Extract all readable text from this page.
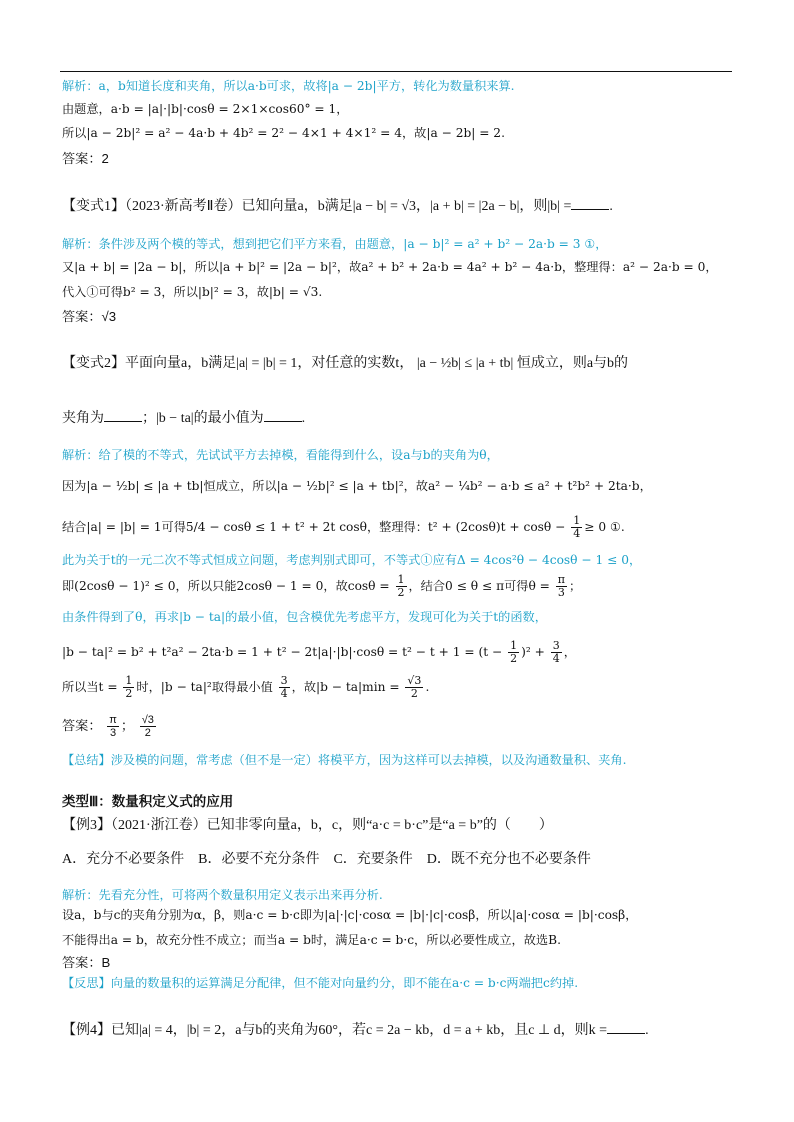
解析：a，b知道长度和夹角，所以a·b可求，故将|a − 2b|平方，转化为数量积来算.
由题意，a·b = |a|·|b|·cosθ = 2×1×cos60° = 1，
所以|a − 2b|² = a² − 4a·b + 4b² = 2² − 4×1 + 4×1² = 4，故|a − 2b| = 2.
答案：2
【变式1】（2023·新高考Ⅱ卷）已知向量a，b满足|a − b| = √3，|a + b| = |2a − b|，则|b| =	.
解析：条件涉及两个模的等式，想到把它们平方来看，由题意，|a − b|² = a² + b² − 2a·b = 3 ①，
又|a + b| = |2a − b|，所以|a + b|² = |2a − b|²，故a² + b² + 2a·b = 4a² + b² − 4a·b，整理得：a² − 2a·b = 0，
代入①可得b² = 3，所以|b|² = 3，故|b| = √3.
答案：√3
【变式2】平面向量a，b满足|a| = |b| = 1，对任意的实数t， |a − ½b| ≤ |a + tb| 恒成立，则a与b的
夹角为	；|b − ta|的最小值为	.
解析：给了模的不等式，先试试平方去掉模，看能得到什么，设a与b的夹角为θ，
因为|a − ½b| ≤ |a + tb|恒成立，所以|a − ½b|² ≤ |a + tb|²，故a² − ¼b² − a·b ≤ a² + t²b² + 2ta·b，
结合|a| = |b| = 1可得5/4 − cosθ ≤ 1 + t² + 2t cosθ，整理得：$t^2 + (2\cos\theta)t + \cos\theta - \frac{1}{4} \ge 0$ ①.
此为关于t的一元二次不等式恒成立问题，考虑判别式即可，不等式①应有Δ = 4cos²θ − 4cosθ − 1 ≤ 0，
即(2cosθ − 1)² ≤ 0，所以只能2cosθ − 1 = 0，故$\cos\theta = \frac{1}{2}$ ，结合0 ≤ θ ≤ π可得$\theta = \frac{\pi}{3}$ ；
由条件得到了θ，再求|b − ta|的最小值，包含模优先考虑平方，发现可化为关于t的函数，
$|b - ta|^2 = b^2 + t^2a^2 - 2ta\cdot b = 1 + t^2 - 2t|a|\cdot|b|\cdot\cos\theta = t^2 - t + 1 = (t - \frac{1}{2} )^2 + \frac{3}{4}$ ，
所以当$t = \frac{1}{2}$ 时，|b − ta|²取得最小值 $\frac{3}{4}$ ，故$|b - ta|\min = \frac{√3}{2}$ .
答案： $\frac{\pi}{3}$ ； $\frac{√3}{2}$
【总结】涉及模的问题，常考虑（但不是一定）将模平方，因为这样可以去掉模，以及沟通数量积、夹角.
类型Ⅲ：数量积定义式的应用
【例3】（2021·浙江卷）已知非零向量a，b，c，则“a·c = b·c”是“a = b”的（　　）
A．充分不必要条件　B．必要不充分条件　C．充要条件　D．既不充分也不必要条件
解析：先看充分性，可将两个数量积用定义表示出来再分析.
设a，b与c的夹角分别为α，β，则a·c = b·c即为|a|·|c|·cosα = |b|·|c|·cosβ，所以|a|·cosα = |b|·cosβ，
不能得出a = b，故充分性不成立；而当a = b时，满足a·c = b·c，所以必要性成立，故选B.
答案：B
【反思】向量的数量积的运算满足分配律，但不能对向量约分，即不能在a·c = b·c两端把c约掉.
【例4】已知|a| = 4，|b| = 2，a与b的夹角为60°，若c = 2a − kb，d = a + kb，且c ⊥ d，则k =	.
